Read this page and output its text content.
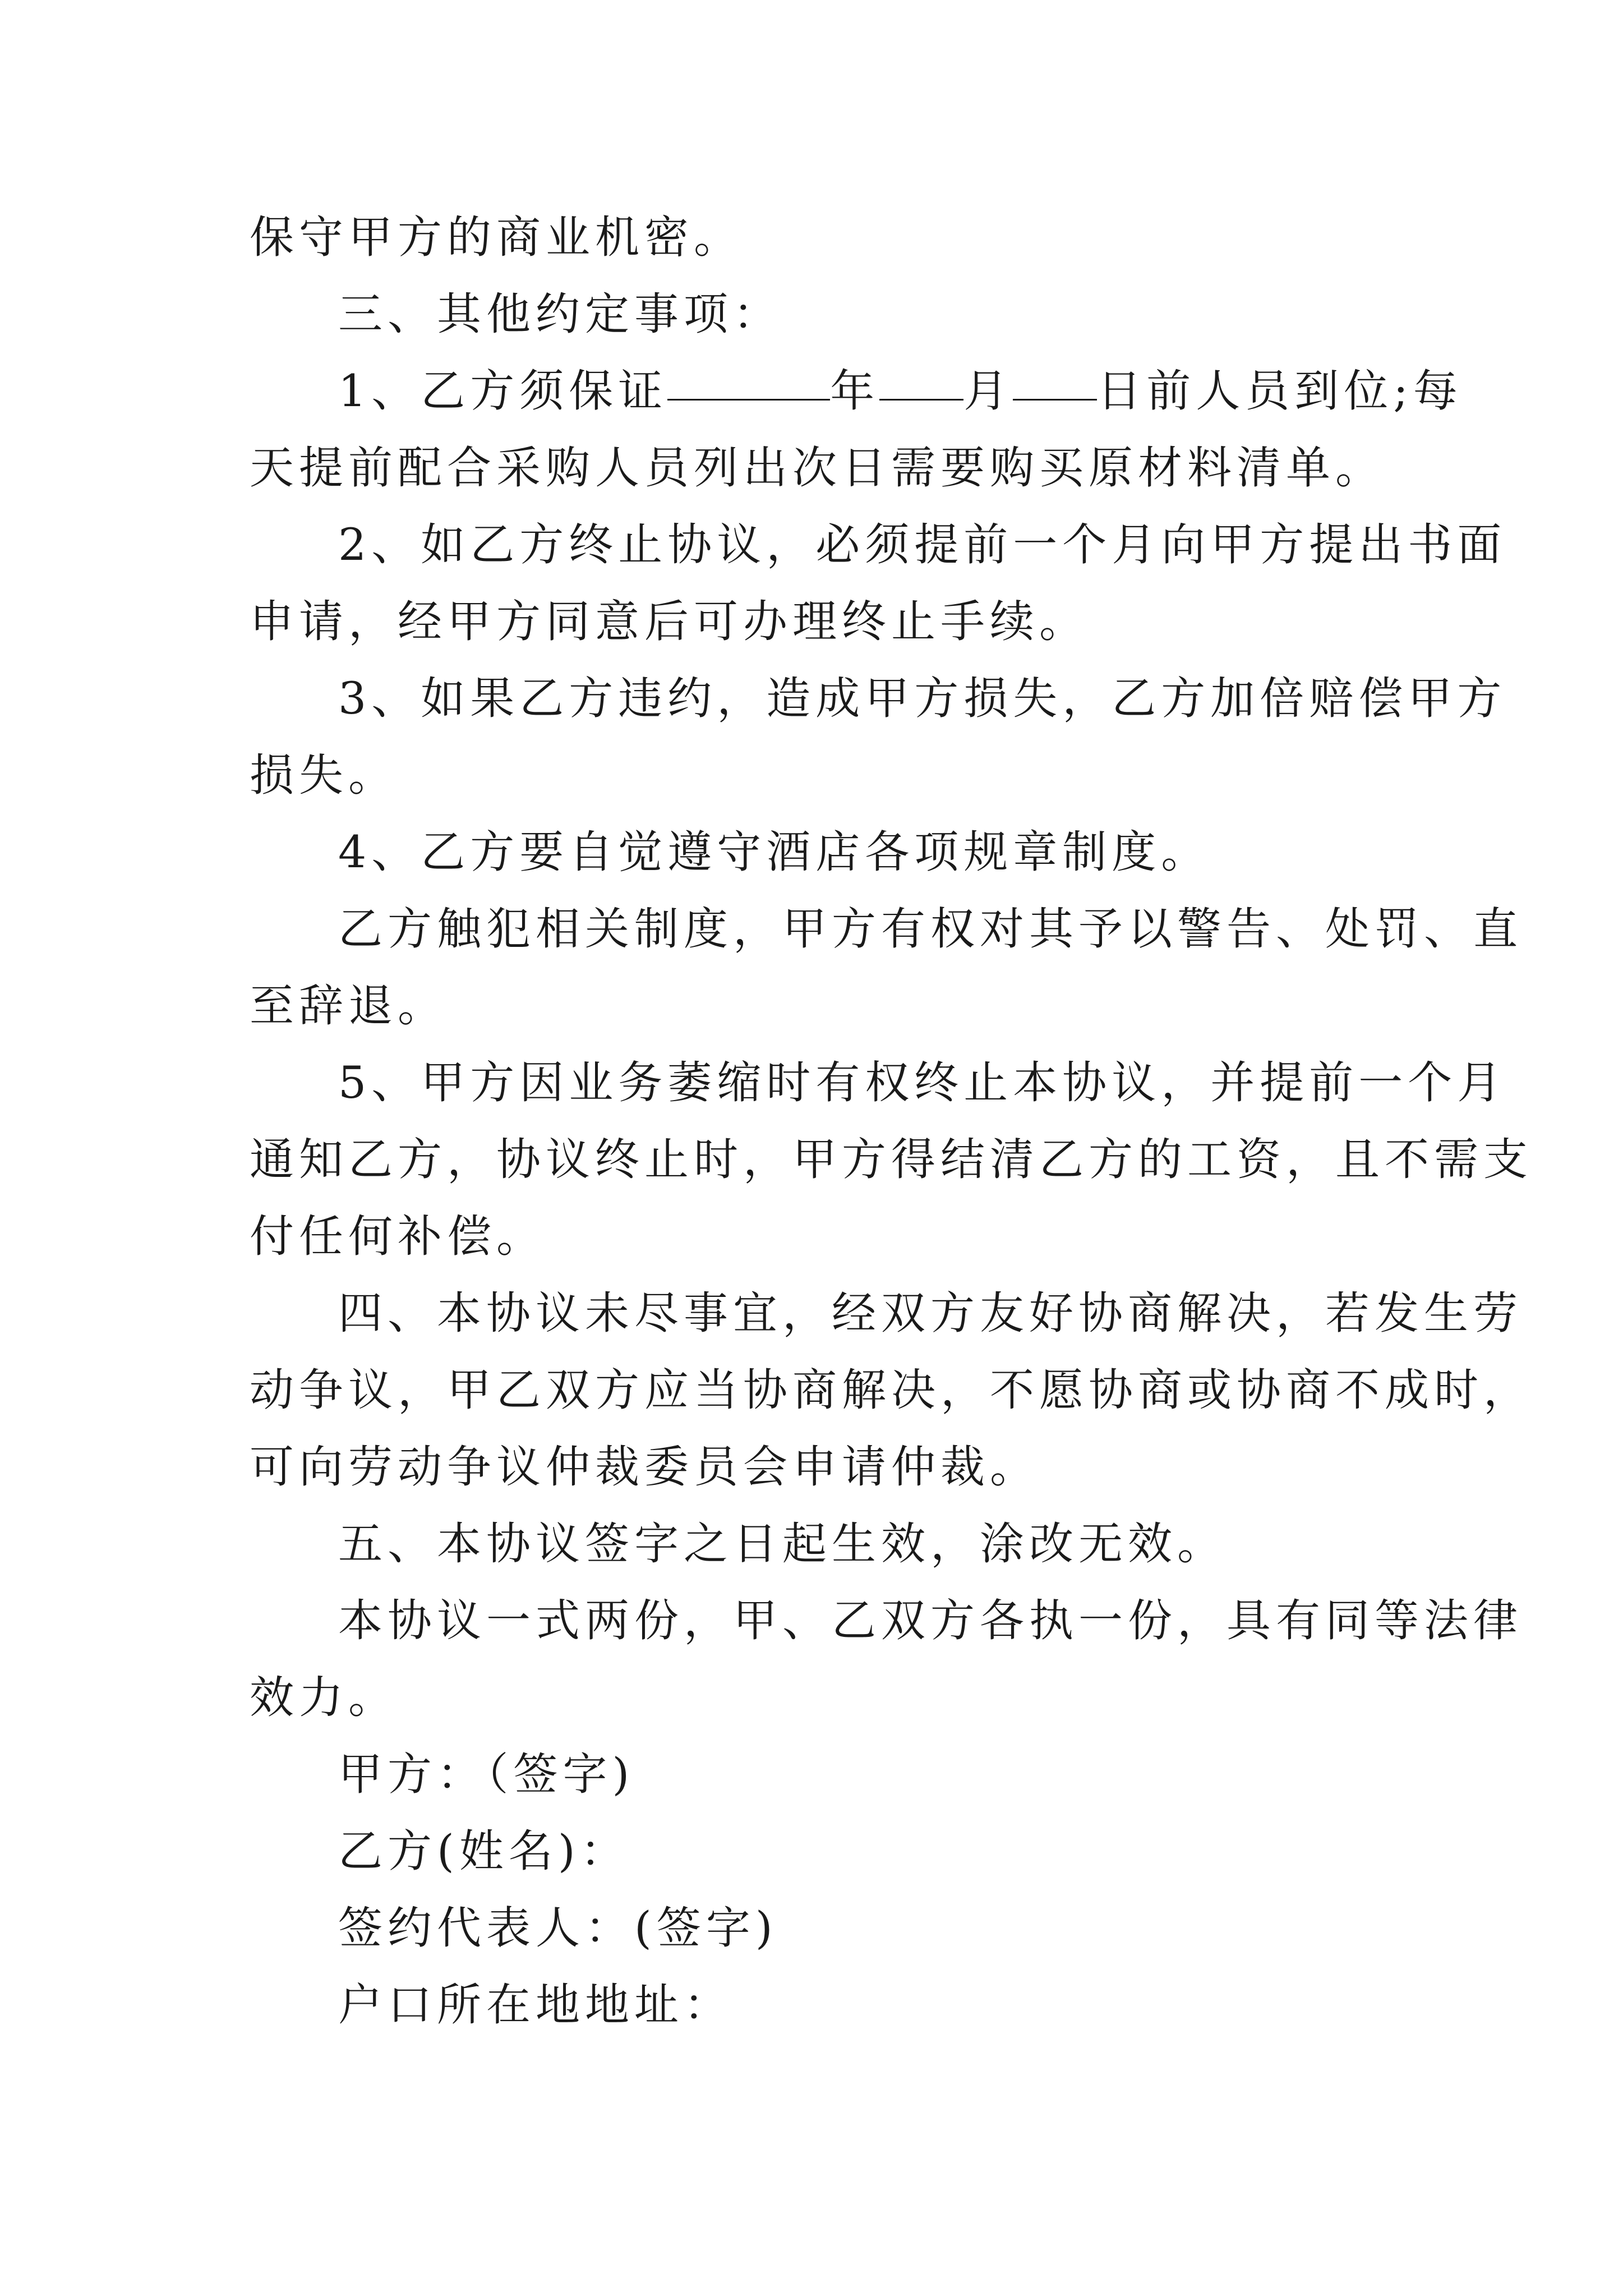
保守甲方的商业机密。
三、其他约定事项：
1、乙方须保证	年 月 日前人员到位;每
天提前配合采购人员列出次日需要购买原材料清单。
2、如乙方终止协议，必须提前一个月向甲方提出书面
申请，经甲方同意后可办理终止手续。
3、如果乙方违约，造成甲方损失，乙方加倍赔偿甲方
损失。
4、乙方要自觉遵守酒店各项规章制度。
乙方触犯相关制度，甲方有权对其予以警告、处罚、直
至辞退。
5、甲方因业务萎缩时有权终止本协议，并提前一个月
通知乙方，协议终止时，甲方得结清乙方的工资，且不需支
付任何补偿。
四、本协议未尽事宜，经双方友好协商解决，若发生劳
动争议，甲乙双方应当协商解决，不愿协商或协商不成时，
可向劳动争议仲裁委员会申请仲裁。
五、本协议签字之日起生效，涂改无效。
本协议一式两份，甲、乙双方各执一份，具有同等法律
效力。
甲方：（签字)
乙方(姓名)：
签约代表人：(签字)
户口所在地地址：
